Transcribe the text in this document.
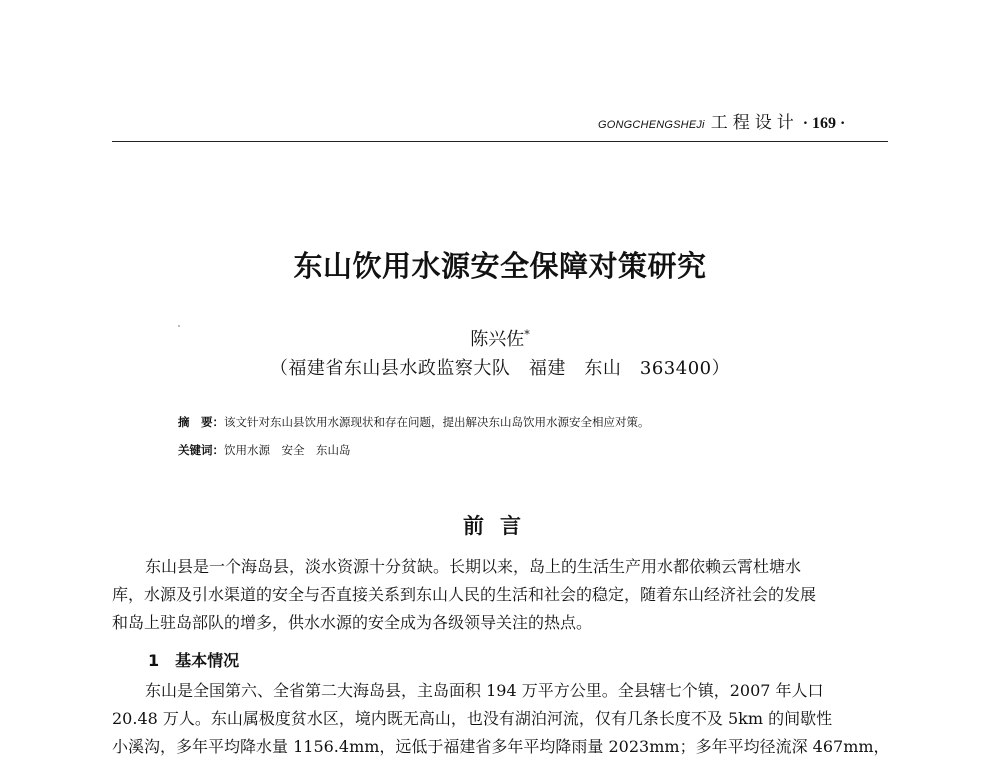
GONGCHENGSHEJi 工程设计 · 169 ·
东山饮用水源安全保障对策研究
陈兴佐*
（福建省东山县水政监察大队　福建　东山　363400）
摘　要：该文针对东山县饮用水源现状和存在问题，提出解决东山岛饮用水源安全相应对策。
关键词：饮用水源　安全　东山岛
前言
东山县是一个海岛县，淡水资源十分贫缺。长期以来，岛上的生活生产用水都依赖云霄杜塘水
库，水源及引水渠道的安全与否直接关系到东山人民的生活和社会的稳定，随着东山经济社会的发展
和岛上驻岛部队的增多，供水水源的安全成为各级领导关注的热点。
1　基本情况
东山是全国第六、全省第二大海岛县，主岛面积 194 万平方公里。全县辖七个镇，2007 年人口
20.48 万人。东山属极度贫水区，境内既无高山，也没有湖泊河流，仅有几条长度不及 5km 的间歇性
小溪沟，多年平均降水量 1156.4mm，远低于福建省多年平均降雨量 2023mm；多年平均径流深 467mm，
